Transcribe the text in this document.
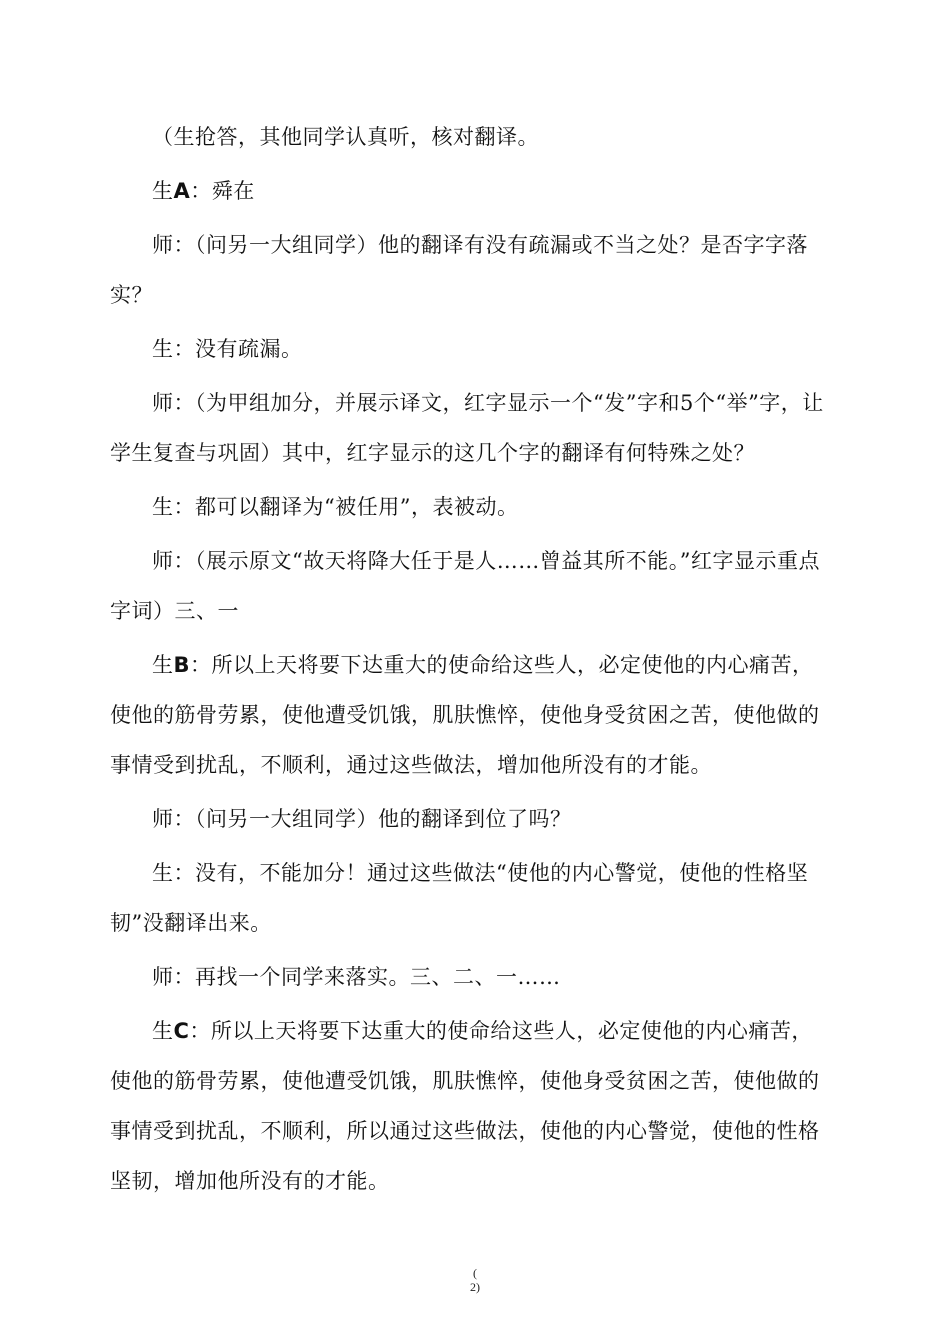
（生抢答，其他同学认真听，核对翻译。

生A：舜在

师：（问另一大组同学）他的翻译有没有疏漏或不当之处？是否字字落实？

生：没有疏漏。

师：（为甲组加分，并展示译文，红字显示一个“发”字和5个“举”字，让学生复查与巩固）其中，红字显示的这几个字的翻译有何特殊之处？

生：都可以翻译为“被任用”，表被动。

师：（展示原文“故天将降大任于是人……曾益其所不能。”红字显示重点字词）三、一

生B：所以上天将要下达重大的使命给这些人，必定使他的内心痛苦，使他的筋骨劳累，使他遭受饥饿，肌肤憔悴，使他身受贫困之苦，使他做的事情受到扰乱，不顺利，通过这些做法，增加他所没有的才能。

师：（问另一大组同学）他的翻译到位了吗？

生：没有，不能加分！通过这些做法“使他的内心警觉，使他的性格坚韧”没翻译出来。

师：再找一个同学来落实。三、二、一……

生C：所以上天将要下达重大的使命给这些人，必定使他的内心痛苦，使他的筋骨劳累，使他遭受饥饿，肌肤憔悴，使他身受贫困之苦，使他做的事情受到扰乱，不顺利，所以通过这些做法，使他的内心警觉，使他的性格坚韧，增加他所没有的才能。

(
2)
